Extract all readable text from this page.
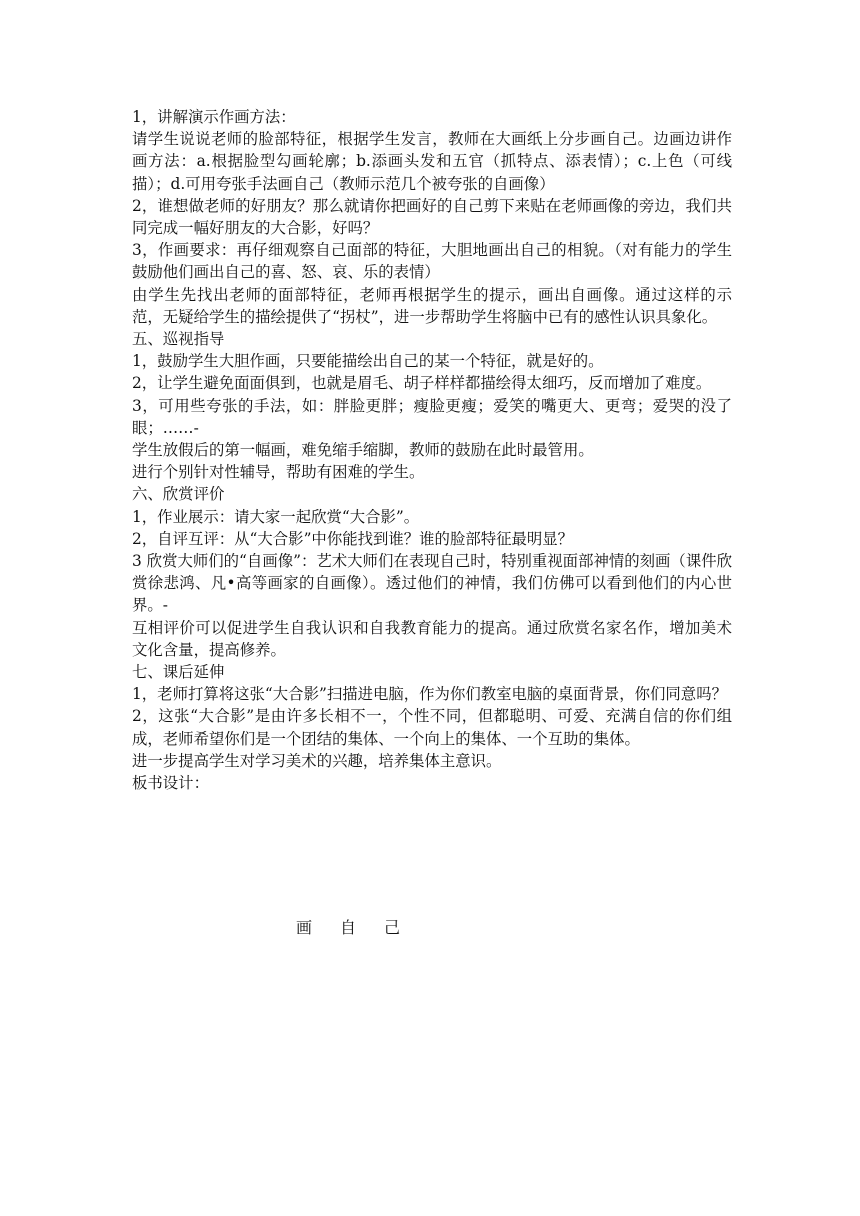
1，讲解演示作画方法：

请学生说说老师的脸部特征，根据学生发言，教师在大画纸上分步画自己。边画边讲作画方法：a.根据脸型勾画轮廓；b.添画头发和五官（抓特点、添表情）；c.上色（可线描）；d.可用夸张手法画自己（教师示范几个被夸张的自画像）

2，谁想做老师的好朋友？那么就请你把画好的自己剪下来贴在老师画像的旁边，我们共同完成一幅好朋友的大合影，好吗？

3，作画要求：再仔细观察自己面部的特征，大胆地画出自己的相貌。（对有能力的学生鼓励他们画出自己的喜、怒、哀、乐的表情）

由学生先找出老师的面部特征，老师再根据学生的提示，画出自画像。通过这样的示范，无疑给学生的描绘提供了“拐杖”，进一步帮助学生将脑中已有的感性认识具象化。

五、巡视指导

1，鼓励学生大胆作画，只要能描绘出自己的某一个特征，就是好的。

2，让学生避免面面俱到，也就是眉毛、胡子样样都描绘得太细巧，反而增加了难度。

3，可用些夸张的手法，如：胖脸更胖；瘦脸更瘦；爱笑的嘴更大、更弯；爱哭的没了眼；……-

学生放假后的第一幅画，难免缩手缩脚，教师的鼓励在此时最管用。

进行个别针对性辅导，帮助有困难的学生。

六、欣赏评价

1，作业展示：请大家一起欣赏“大合影”。

2，自评互评：从“大合影”中你能找到谁？谁的脸部特征最明显？

3 欣赏大师们的“自画像”：艺术大师们在表现自己时，特别重视面部神情的刻画（课件欣赏徐悲鸿、凡•高等画家的自画像）。透过他们的神情，我们仿佛可以看到他们的内心世界。-

互相评价可以促进学生自我认识和自我教育能力的提高。通过欣赏名家名作，增加美术文化含量，提高修养。

七、课后延伸

1，老师打算将这张“大合影”扫描进电脑，作为你们教室电脑的桌面背景，你们同意吗？

2，这张“大合影”是由许多长相不一，个性不同，但都聪明、可爱、充满自信的你们组成，老师希望你们是一个团结的集体、一个向上的集体、一个互助的集体。

进一步提高学生对学习美术的兴趣，培养集体主意识。

板书设计：

画 自 己
